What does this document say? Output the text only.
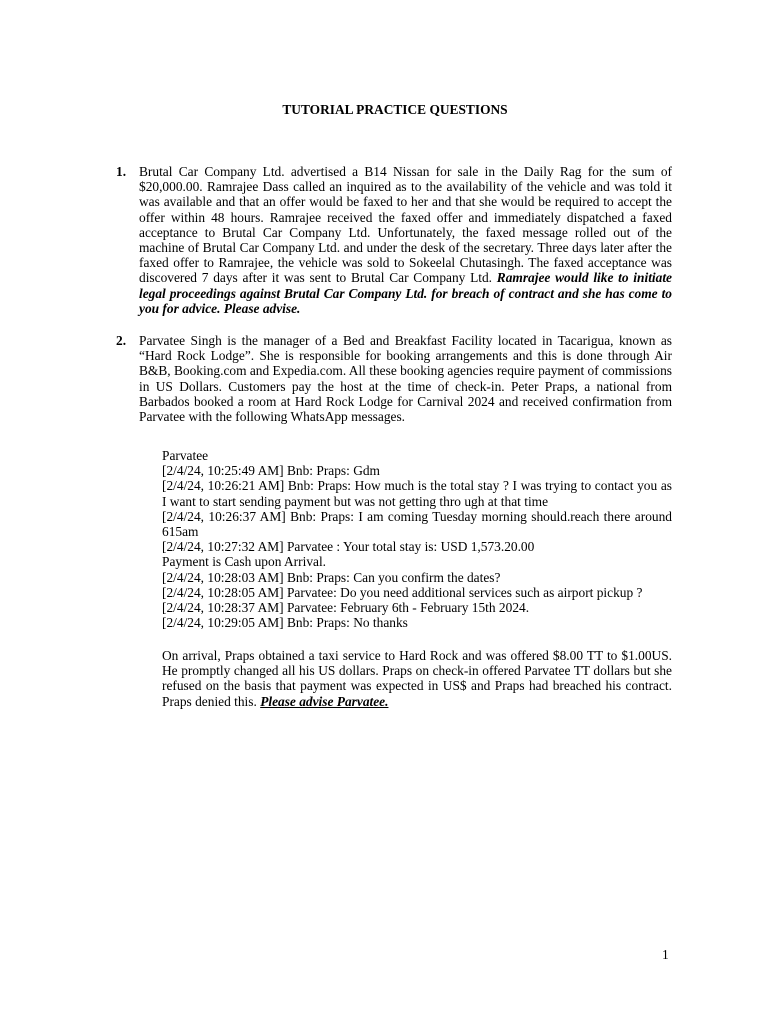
TUTORIAL PRACTICE QUESTIONS
1. Brutal Car Company Ltd. advertised a B14 Nissan for sale in the Daily Rag for the sum of $20,000.00. Ramrajee Dass called an inquired as to the availability of the vehicle and was told it was available and that an offer would be faxed to her and that she would be required to accept the offer within 48 hours. Ramrajee received the faxed offer and immediately dispatched a faxed acceptance to Brutal Car Company Ltd. Unfortunately, the faxed message rolled out of the machine of Brutal Car Company Ltd. and under the desk of the secretary. Three days later after the faxed offer to Ramrajee, the vehicle was sold to Sokeelal Chutasingh. The faxed acceptance was discovered 7 days after it was sent to Brutal Car Company Ltd. Ramrajee would like to initiate legal proceedings against Brutal Car Company Ltd. for breach of contract and she has come to you for advice. Please advise.
2. Parvatee Singh is the manager of a Bed and Breakfast Facility located in Tacarigua, known as “Hard Rock Lodge”. She is responsible for booking arrangements and this is done through Air B&B, Booking.com and Expedia.com. All these booking agencies require payment of commissions in US Dollars. Customers pay the host at the time of check-in. Peter Praps, a national from Barbados booked a room at Hard Rock Lodge for Carnival 2024 and received confirmation from Parvatee with the following WhatsApp messages.
Parvatee
[2/4/24, 10:25:49 AM] Bnb: Praps: Gdm
[2/4/24, 10:26:21 AM] Bnb: Praps: How much is the total stay ? I was trying to contact you as I want to start sending payment but was not getting thro ugh at that time
[2/4/24, 10:26:37 AM] Bnb: Praps: I am coming Tuesday morning should.reach there around 615am
[2/4/24, 10:27:32 AM] Parvatee : Your total stay is: USD 1,573.20.00
Payment is Cash upon Arrival.
[2/4/24, 10:28:03 AM] Bnb: Praps: Can you confirm the dates?
[2/4/24, 10:28:05 AM] Parvatee: Do you need additional services such as airport pickup ?
[2/4/24, 10:28:37 AM] Parvatee: February 6th - February 15th 2024.
[2/4/24, 10:29:05 AM] Bnb: Praps: No thanks
On arrival, Praps obtained a taxi service to Hard Rock and was offered $8.00 TT to $1.00US. He promptly changed all his US dollars. Praps on check-in offered Parvatee TT dollars but she refused on the basis that payment was expected in US$ and Praps had breached his contract. Praps denied this. Please advise Parvatee.
1
